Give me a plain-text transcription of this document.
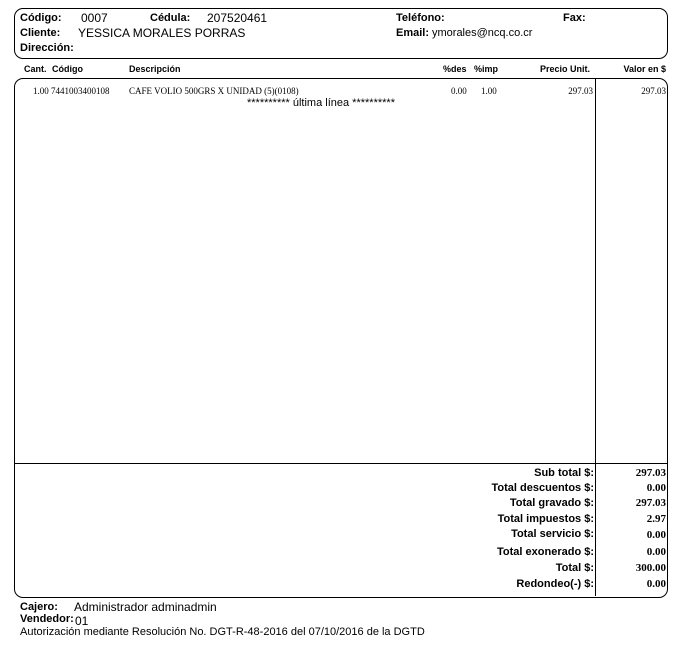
Código: 0007	Cédula: 207520461	Teléfono:	Fax:
Cliente: YESSICA MORALES PORRAS	Email: ymorales@ncq.co.cr
Dirección:
Cant. Código	Descripción	%des %imp	Precio Unit.	Valor en $
1.00 7441003400108 CAFE VOLIO 500GRS X UNIDAD (5)(0108)	0.00 1.00	297.03	297.03
********** última línea **********
Sub total $:	297.03
Total descuentos $:	0.00
Total gravado $:	297.03
Total impuestos $:	2.97
Total servicio $:	0.00
Total exonerado $:	0.00
Total $:	300.00
Redondeo(-) $:	0.00
Cajero: Administrador adminadmin
Vendedor: 01
Autorización mediante Resolución No. DGT-R-48-2016 del 07/10/2016 de la DGTD
